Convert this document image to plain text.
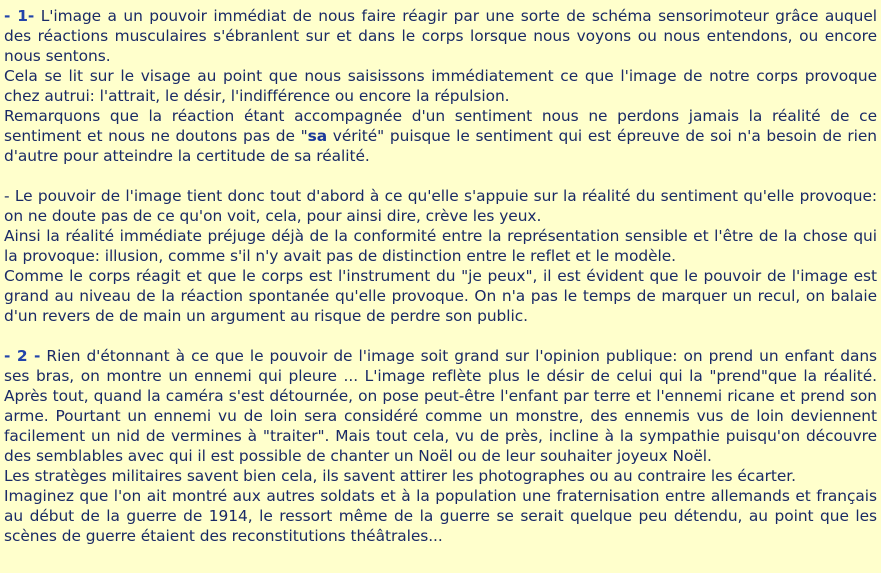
- 1- L'image a un pouvoir immédiat de nous faire réagir par une sorte de schéma sensorimoteur grâce auquel des réactions musculaires s'ébranlent sur et dans le corps lorsque nous voyons ou nous entendons, ou encore nous sentons.

Cela se lit sur le visage au point que nous saisissons immédiatement ce que l'image de notre corps provoque chez autrui: l'attrait, le désir, l'indifférence ou encore la répulsion.

Remarquons que la réaction étant accompagnée d'un sentiment nous ne perdons jamais la réalité de ce sentiment et nous ne doutons pas de "sa vérité" puisque le sentiment qui est épreuve de soi n'a besoin de rien d'autre pour atteindre la certitude de sa réalité.

- Le pouvoir de l'image tient donc tout d'abord à ce qu'elle s'appuie sur la réalité du sentiment qu'elle provoque: on ne doute pas de ce qu'on voit, cela, pour ainsi dire, crève les yeux.

Ainsi la réalité immédiate préjuge déjà de la conformité entre la représentation sensible et l'être de la chose qui la provoque: illusion, comme s'il n'y avait pas de distinction entre le reflet et le modèle.

Comme le corps réagit et que le corps est l'instrument du "je peux", il est évident que le pouvoir de l'image est grand au niveau de la réaction spontanée qu'elle provoque. On n'a pas le temps de marquer un recul, on balaie d'un revers de de main un argument au risque de perdre son public.

- 2 - Rien d'étonnant à ce que le pouvoir de l'image soit grand sur l'opinion publique: on prend un enfant dans ses bras, on montre un ennemi qui pleure ... L'image reflète plus le désir de celui qui la "prend"que la réalité. Après tout, quand la caméra s'est détournée, on pose peut-être l'enfant par terre et l'ennemi ricane et prend son arme. Pourtant un ennemi vu de loin sera considéré comme un monstre, des ennemis vus de loin deviennent facilement un nid de vermines à "traiter". Mais tout cela, vu de près, incline à la sympathie puisqu'on découvre des semblables avec qui il est possible de chanter un Noël ou de leur souhaiter joyeux Noël.

Les stratèges militaires savent bien cela, ils savent attirer les photographes ou au contraire les écarter.

Imaginez que l'on ait montré aux autres soldats et à la population une fraternisation entre allemands et français au début de la guerre de 1914, le ressort même de la guerre se serait quelque peu détendu, au point que les scènes de guerre étaient des reconstitutions théâtrales...
